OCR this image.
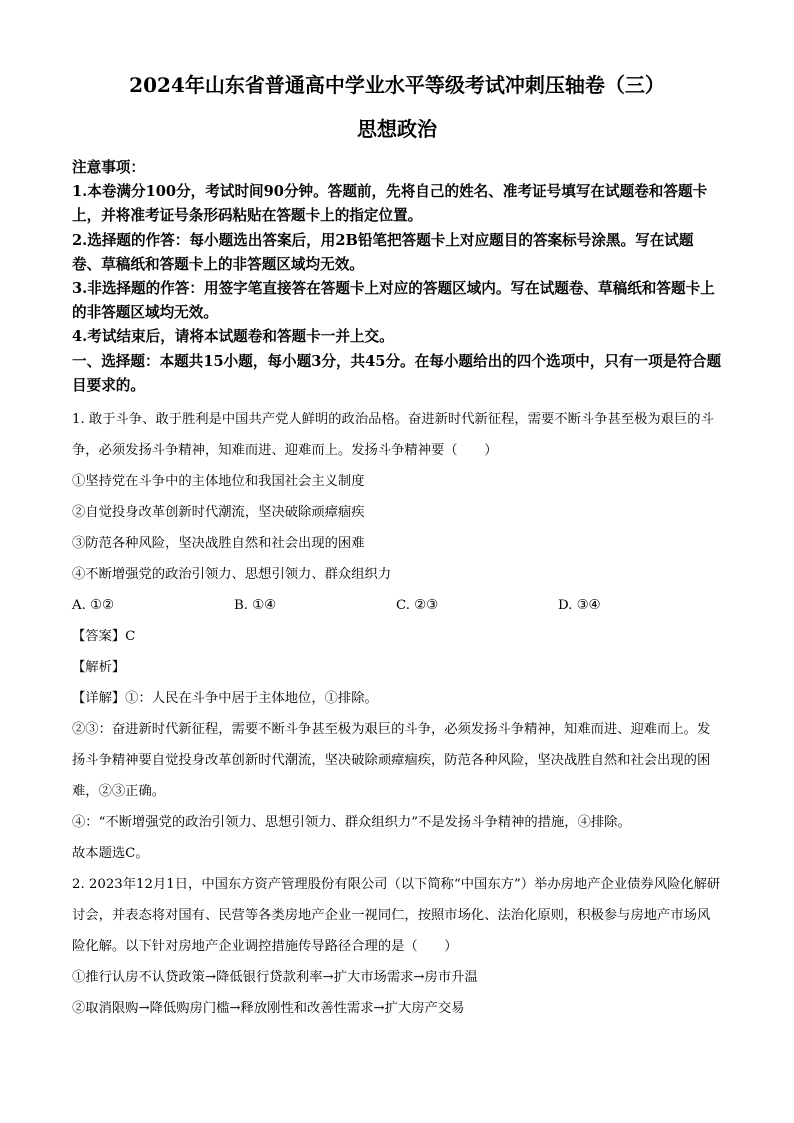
2024年山东省普通高中学业水平等级考试冲刺压轴卷（三）
思想政治

注意事项：

1.本卷满分100分，考试时间90分钟。答题前，先将自己的姓名、准考证号填写在试题卷和答题卡上，并将准考证号条形码粘贴在答题卡上的指定位置。

2.选择题的作答：每小题选出答案后，用2B铅笔把答题卡上对应题目的答案标号涂黑。写在试题卷、草稿纸和答题卡上的非答题区域均无效。

3.非选择题的作答：用签字笔直接答在答题卡上对应的答题区域内。写在试题卷、草稿纸和答题卡上的非答题区域均无效。

4.考试结束后，请将本试题卷和答题卡一并上交。

一、选择题：本题共15小题，每小题3分，共45分。在每小题给出的四个选项中，只有一项是符合题目要求的。

1. 敢于斗争、敢于胜利是中国共产党人鲜明的政治品格。奋进新时代新征程，需要不断斗争甚至极为艰巨的斗争，必须发扬斗争精神，知难而进、迎难而上。发扬斗争精神要（　　）

①坚持党在斗争中的主体地位和我国社会主义制度

②自觉投身改革创新时代潮流，坚决破除顽瘴痼疾

③防范各种风险，坚决战胜自然和社会出现的困难

④不断增强党的政治引领力、思想引领力、群众组织力

A. ①②	B. ①④	C. ②③	D. ③④

【答案】C

【解析】

【详解】①：人民在斗争中居于主体地位，①排除。

②③：奋进新时代新征程，需要不断斗争甚至极为艰巨的斗争，必须发扬斗争精神，知难而进、迎难而上。发扬斗争精神要自觉投身改革创新时代潮流，坚决破除顽瘴痼疾，防范各种风险，坚决战胜自然和社会出现的困难，②③正确。

④：“不断增强党的政治引领力、思想引领力、群众组织力”不是发扬斗争精神的措施，④排除。

故本题选C。

2. 2023年12月1日，中国东方资产管理股份有限公司（以下简称“中国东方”）举办房地产企业债券风险化解研讨会，并表态将对国有、民营等各类房地产企业一视同仁，按照市场化、法治化原则，积极参与房地产市场风险化解。以下针对房地产企业调控措施传导路径合理的是（　　）

①推行认房不认贷政策→降低银行贷款利率→扩大市场需求→房市升温

②取消限购→降低购房门槛→释放刚性和改善性需求→扩大房产交易
